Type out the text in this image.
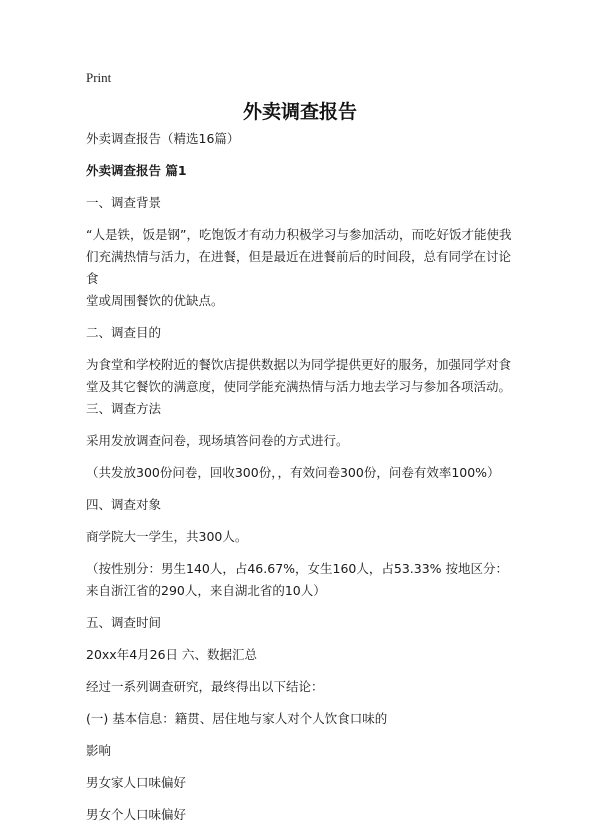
Print
外卖调查报告

外卖调查报告（精选16篇）

外卖调查报告 篇1

一、调查背景

“人是铁，饭是钢”，吃饱饭才有动力积极学习与参加活动，而吃好饭才能使我们充满热情与活力，在进餐，但是最近在进餐前后的时间段，总有同学在讨论食

堂或周围餐饮的优缺点。

二、调查目的

为食堂和学校附近的餐饮店提供数据以为同学提供更好的服务，加强同学对食堂及其它餐饮的满意度，使同学能充满热情与活力地去学习与参加各项活动。三、调查方法

采用发放调查问卷，现场填答问卷的方式进行。

（共发放300份问卷，回收300份，，有效问卷300份，问卷有效率100%）

四、调查对象

商学院大一学生，共300人。

（按性别分：男生140人，占46.67%，女生160人，占53.33% 按地区分：来自浙江省的290人，来自湖北省的10人）

五、调查时间

20xx年4月26日 六、数据汇总

经过一系列调查研究，最终得出以下结论：

(一) 基本信息：籍贯、居住地与家人对个人饮食口味的

影响

男女家人口味偏好

男女个人口味偏好
